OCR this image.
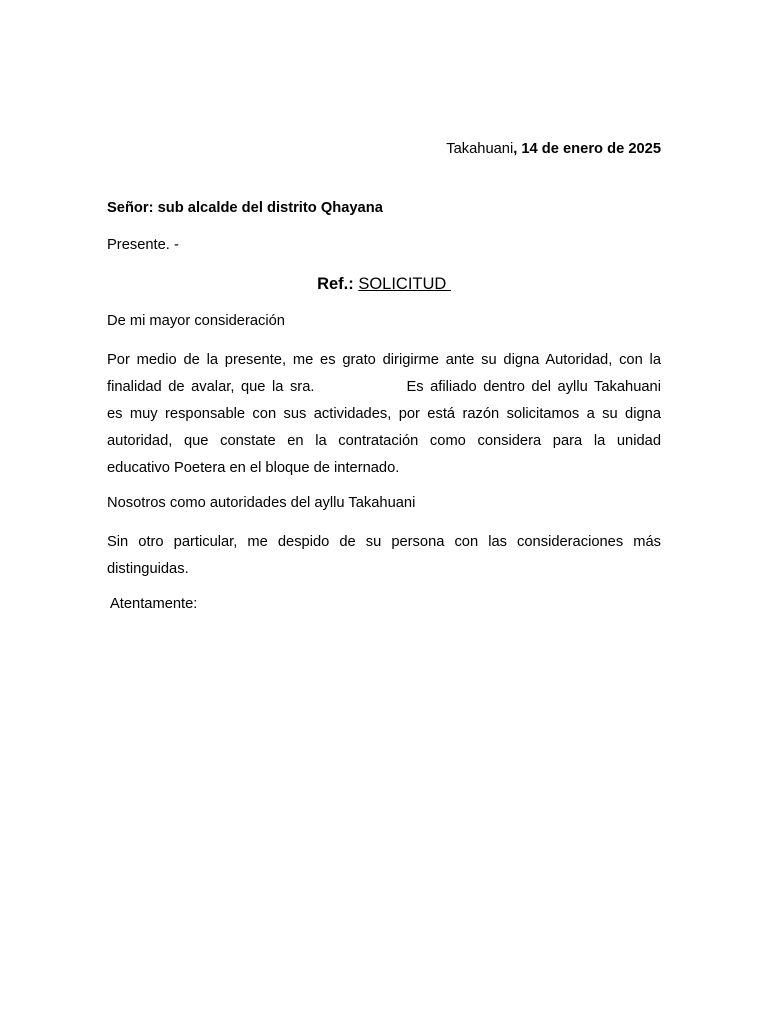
Takahuani, 14 de enero de 2025

Señor: sub alcalde del distrito Qhayana

Presente. -

Ref.: SOLICITUD

De mi mayor consideración

Por medio de la presente, me es grato dirigirme ante su digna Autoridad, con la
finalidad de avalar, que la sra.	Es afiliado dentro del ayllu Takahuani
es muy responsable con sus actividades, por está razón solicitamos a su digna
autoridad, que constate en la contratación como considera para la unidad
educativo Poetera en el bloque de internado.

Nosotros como autoridades del ayllu Takahuani

Sin otro particular, me despido de su persona con las consideraciones más
distinguidas.

Atentamente:
